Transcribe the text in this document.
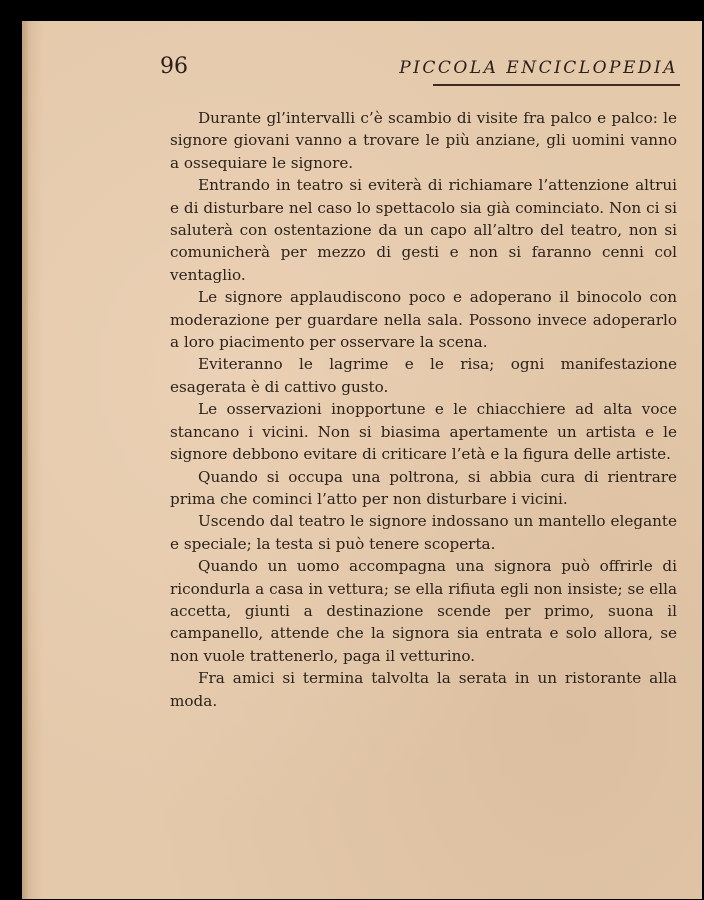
96	PICCOLA ENCICLOPEDIA

Durante gl’intervalli c’è scambio di visite fra palco e palco: le signore giovani vanno a trovare le più anziane, gli uomini vanno a ossequiare le signore.

Entrando in teatro si eviterà di richiamare l’attenzione altrui e di disturbare nel caso lo spettacolo sia già cominciato. Non ci si saluterà con ostentazione da un capo all’altro del teatro, non si comunicherà per mezzo di gesti e non si faranno cenni col ventaglio.

Le signore applaudiscono poco e adoperano il binocolo con moderazione per guardare nella sala. Possono invece adoperarlo a loro piacimento per osservare la scena.

Eviteranno le lagrime e le risa; ogni manifestazione esagerata è di cattivo gusto.

Le osservazioni inopportune e le chiacchiere ad alta voce stancano i vicini. Non si biasima apertamente un artista e le signore debbono evitare di criticare l’età e la figura delle artiste.

Quando si occupa una poltrona, si abbia cura di rientrare prima che cominci l’atto per non disturbare i vicini.

Uscendo dal teatro le signore indossano un mantello elegante e speciale; la testa si può tenere scoperta.

Quando un uomo accompagna una signora può offrirle di ricondurla a casa in vettura; se ella rifiuta egli non insiste; se ella accetta, giunti a destinazione scende per primo, suona il campanello, attende che la signora sia entrata e solo allora, se non vuole trattenerlo, paga il vetturino.

Fra amici si termina talvolta la serata in un ristorante alla moda.
